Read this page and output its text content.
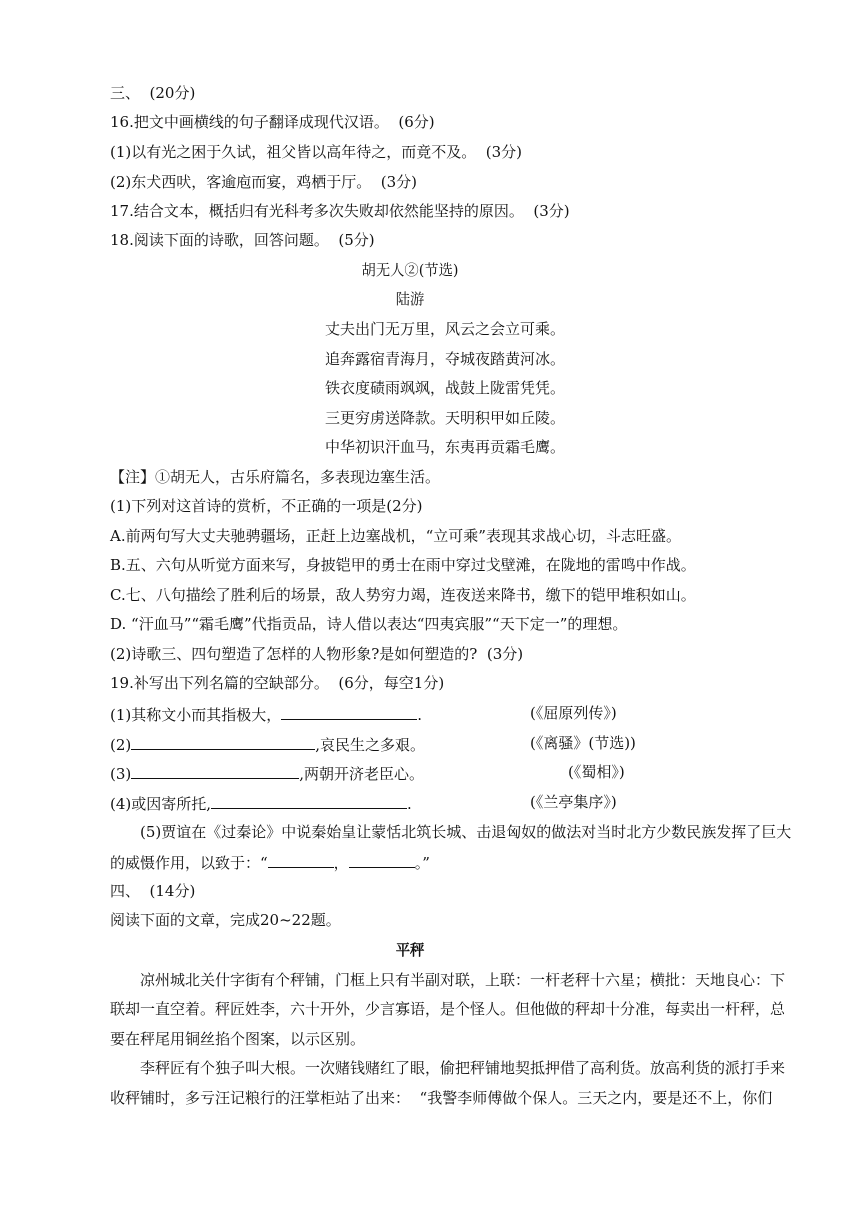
三、  (20分)
16.把文中画横线的句子翻译成现代汉语。  (6分)
(1)以有光之困于久试，祖父皆以高年待之，而竟不及。  (3分)
(2)东犬西吠，客逾庖而宴，鸡栖于厅。  (3分)
17.结合文本，概括归有光科考多次失败却依然能坚持的原因。  (3分)
18.阅读下面的诗歌，回答问题。  (5分)
胡无人②(节选)
陆游
丈夫出门无万里，风云之会立可乘。
追奔露宿青海月，夺城夜踏黄河冰。
铁衣度碛雨飒飒，战鼓上陇雷凭凭。
三更穷虏送降款。天明积甲如丘陵。
中华初识汗血马，东夷再贡霜毛鹰。
【注】①胡无人，古乐府篇名，多表现边塞生活。
(1)下列对这首诗的赏析，不正确的一项是(2分)
A.前两句写大丈夫驰骋疆场，正赶上边塞战机，“立可乘”表现其求战心切，斗志旺盛。
B.五、六句从听觉方面来写，身披铠甲的勇士在雨中穿过戈壁滩，在陇地的雷鸣中作战。
C.七、八句描绘了胜利后的场景，敌人势穷力竭，连夜送来降书，缴下的铠甲堆积如山。
D. “汗血马”“霜毛鹰”代指贡品，诗人借以表达“四夷宾服”“天下定一”的理想。
(2)诗歌三、四句塑造了怎样的人物形象?是如何塑造的?  (3分)
19.补写出下列名篇的空缺部分。  (6分，每空1分)
(1)其称文小而其指极大，	.	(《屈原列传》)
(2)	,哀民生之多艰。	(《离骚》(节选))
(3)	,两朝开济老臣心。	(《蜀相》)
(4)或因寄所托,	.	(《兰亭集序》)
(5)贾谊在《过秦论》中说秦始皇让蒙恬北筑长城、击退匈奴的做法对当时北方少数民族发挥了巨大
的威慑作用，以致于：“	，	。”
四、  (14分)
阅读下面的文章，完成20~22题。
平秤
凉州城北关什字街有个秤铺，门框上只有半副对联，上联：一杆老秤十六星；横批：天地良心：下
联却一直空着。秤匠姓李，六十开外，少言寡语，是个怪人。但他做的秤却十分准，每卖出一杆秤，总
要在秤尾用铜丝掐个图案，以示区别。
李秤匠有个独子叫大根。一次赌钱赌红了眼，偷把秤铺地契抵押借了高利货。放高利货的派打手来
收秤铺时，多亏汪记粮行的汪掌柜站了出来：  “我警李师傅做个保人。三天之内，要是还不上，你们
